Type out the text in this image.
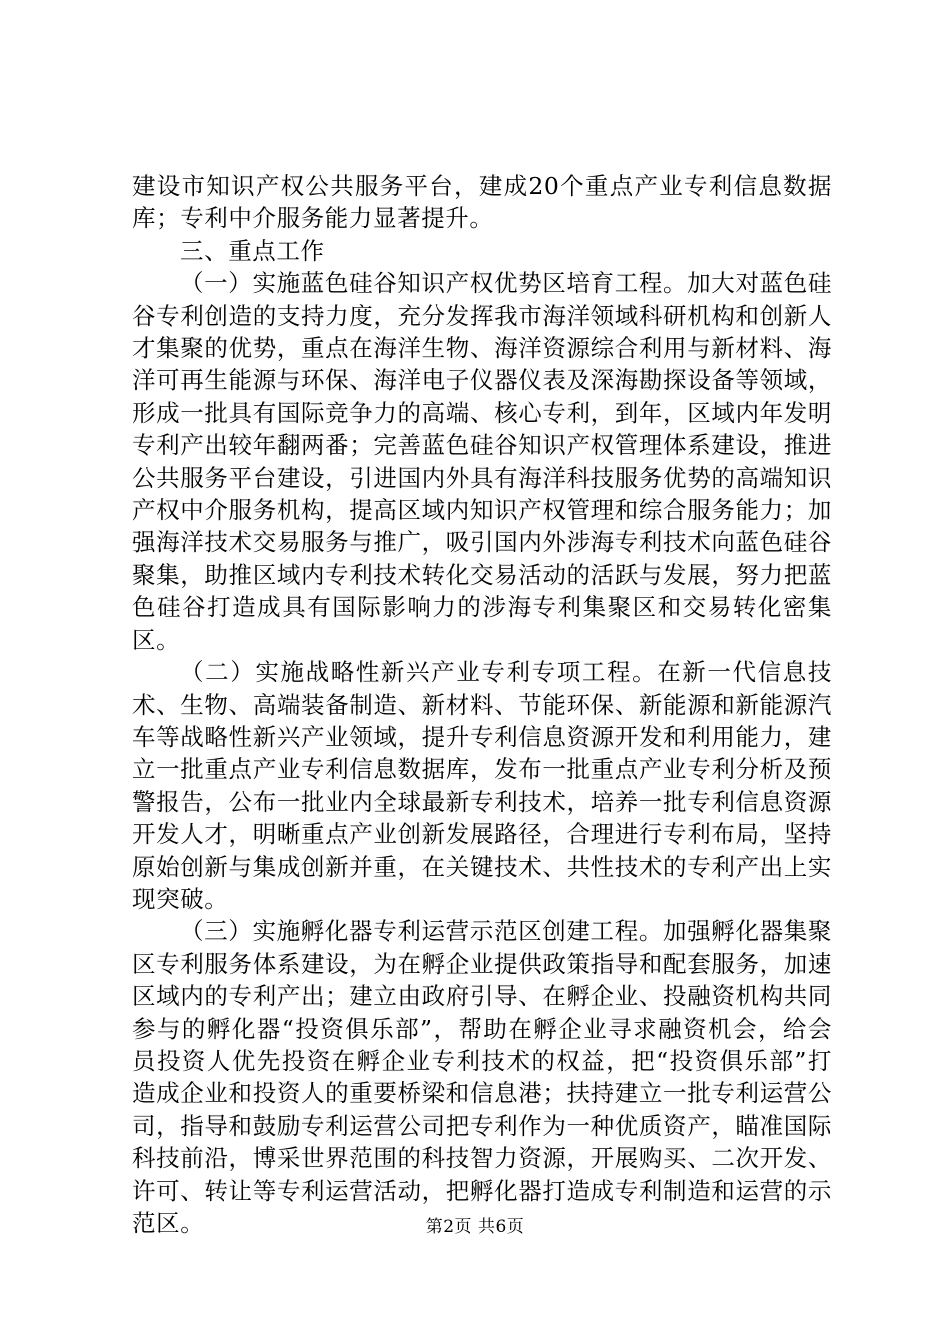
建设市知识产权公共服务平台，建成20个重点产业专利信息数据库；专利中介服务能力显著提升。

三、重点工作

（一）实施蓝色硅谷知识产权优势区培育工程。加大对蓝色硅谷专利创造的支持力度，充分发挥我市海洋领域科研机构和创新人才集聚的优势，重点在海洋生物、海洋资源综合利用与新材料、海洋可再生能源与环保、海洋电子仪器仪表及深海勘探设备等领域，形成一批具有国际竞争力的高端、核心专利，到年，区域内年发明专利产出较年翻两番；完善蓝色硅谷知识产权管理体系建设，推进公共服务平台建设，引进国内外具有海洋科技服务优势的高端知识产权中介服务机构，提高区域内知识产权管理和综合服务能力；加强海洋技术交易服务与推广，吸引国内外涉海专利技术向蓝色硅谷聚集，助推区域内专利技术转化交易活动的活跃与发展，努力把蓝色硅谷打造成具有国际影响力的涉海专利集聚区和交易转化密集区。

（二）实施战略性新兴产业专利专项工程。在新一代信息技术、生物、高端装备制造、新材料、节能环保、新能源和新能源汽车等战略性新兴产业领域，提升专利信息资源开发和利用能力，建立一批重点产业专利信息数据库，发布一批重点产业专利分析及预警报告，公布一批业内全球最新专利技术，培养一批专利信息资源开发人才，明晰重点产业创新发展路径，合理进行专利布局，坚持原始创新与集成创新并重，在关键技术、共性技术的专利产出上实现突破。

（三）实施孵化器专利运营示范区创建工程。加强孵化器集聚区专利服务体系建设，为在孵企业提供政策指导和配套服务，加速区域内的专利产出；建立由政府引导、在孵企业、投融资机构共同参与的孵化器“投资俱乐部”，帮助在孵企业寻求融资机会，给会员投资人优先投资在孵企业专利技术的权益，把“投资俱乐部”打造成企业和投资人的重要桥梁和信息港；扶持建立一批专利运营公司，指导和鼓励专利运营公司把专利作为一种优质资产，瞄准国际科技前沿，博采世界范围的科技智力资源，开展购买、二次开发、许可、转让等专利运营活动，把孵化器打造成专利制造和运营的示范区。	第2页 共6页
